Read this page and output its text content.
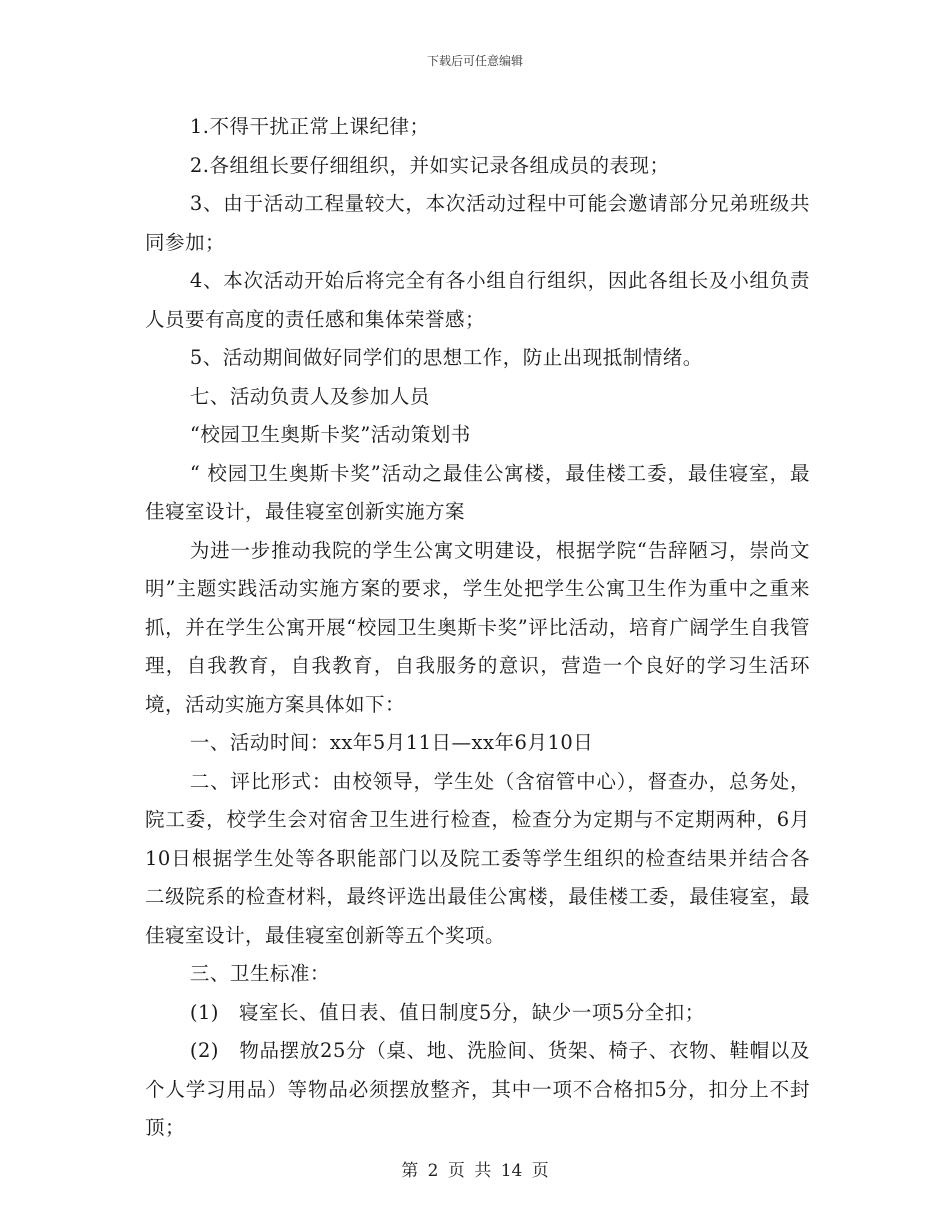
下载后可任意编辑

1.不得干扰正常上课纪律；

2.各组组长要仔细组织，并如实记录各组成员的表现；

3、由于活动工程量较大，本次活动过程中可能会邀请部分兄弟班级共同参加；

4、本次活动开始后将完全有各小组自行组织，因此各组长及小组负责人员要有高度的责任感和集体荣誉感；

5、活动期间做好同学们的思想工作，防止出现抵制情绪。

七、活动负责人及参加人员

“校园卫生奥斯卡奖”活动策划书

“ 校园卫生奥斯卡奖”活动之最佳公寓楼，最佳楼工委，最佳寝室，最佳寝室设计，最佳寝室创新实施方案

为进一步推动我院的学生公寓文明建设，根据学院“告辞陋习，崇尚文明”主题实践活动实施方案的要求，学生处把学生公寓卫生作为重中之重来抓，并在学生公寓开展“校园卫生奥斯卡奖”评比活动，培育广阔学生自我管理，自我教育，自我教育，自我服务的意识，营造一个良好的学习生活环境，活动实施方案具体如下：

一、活动时间：xx年5月11日—xx年6月10日

二、评比形式：由校领导，学生处（含宿管中心），督查办，总务处，院工委，校学生会对宿舍卫生进行检查，检查分为定期与不定期两种，6月10日根据学生处等各职能部门以及院工委等学生组织的检查结果并结合各二级院系的检查材料，最终评选出最佳公寓楼，最佳楼工委，最佳寝室，最佳寝室设计，最佳寝室创新等五个奖项。

三、卫生标准：

(1)　寝室长、值日表、值日制度5分，缺少一项5分全扣；

(2)　物品摆放25分（桌、地、洗脸间、货架、椅子、衣物、鞋帽以及个人学习用品）等物品必须摆放整齐，其中一项不合格扣5分，扣分上不封顶；

第 2 页 共 14 页
